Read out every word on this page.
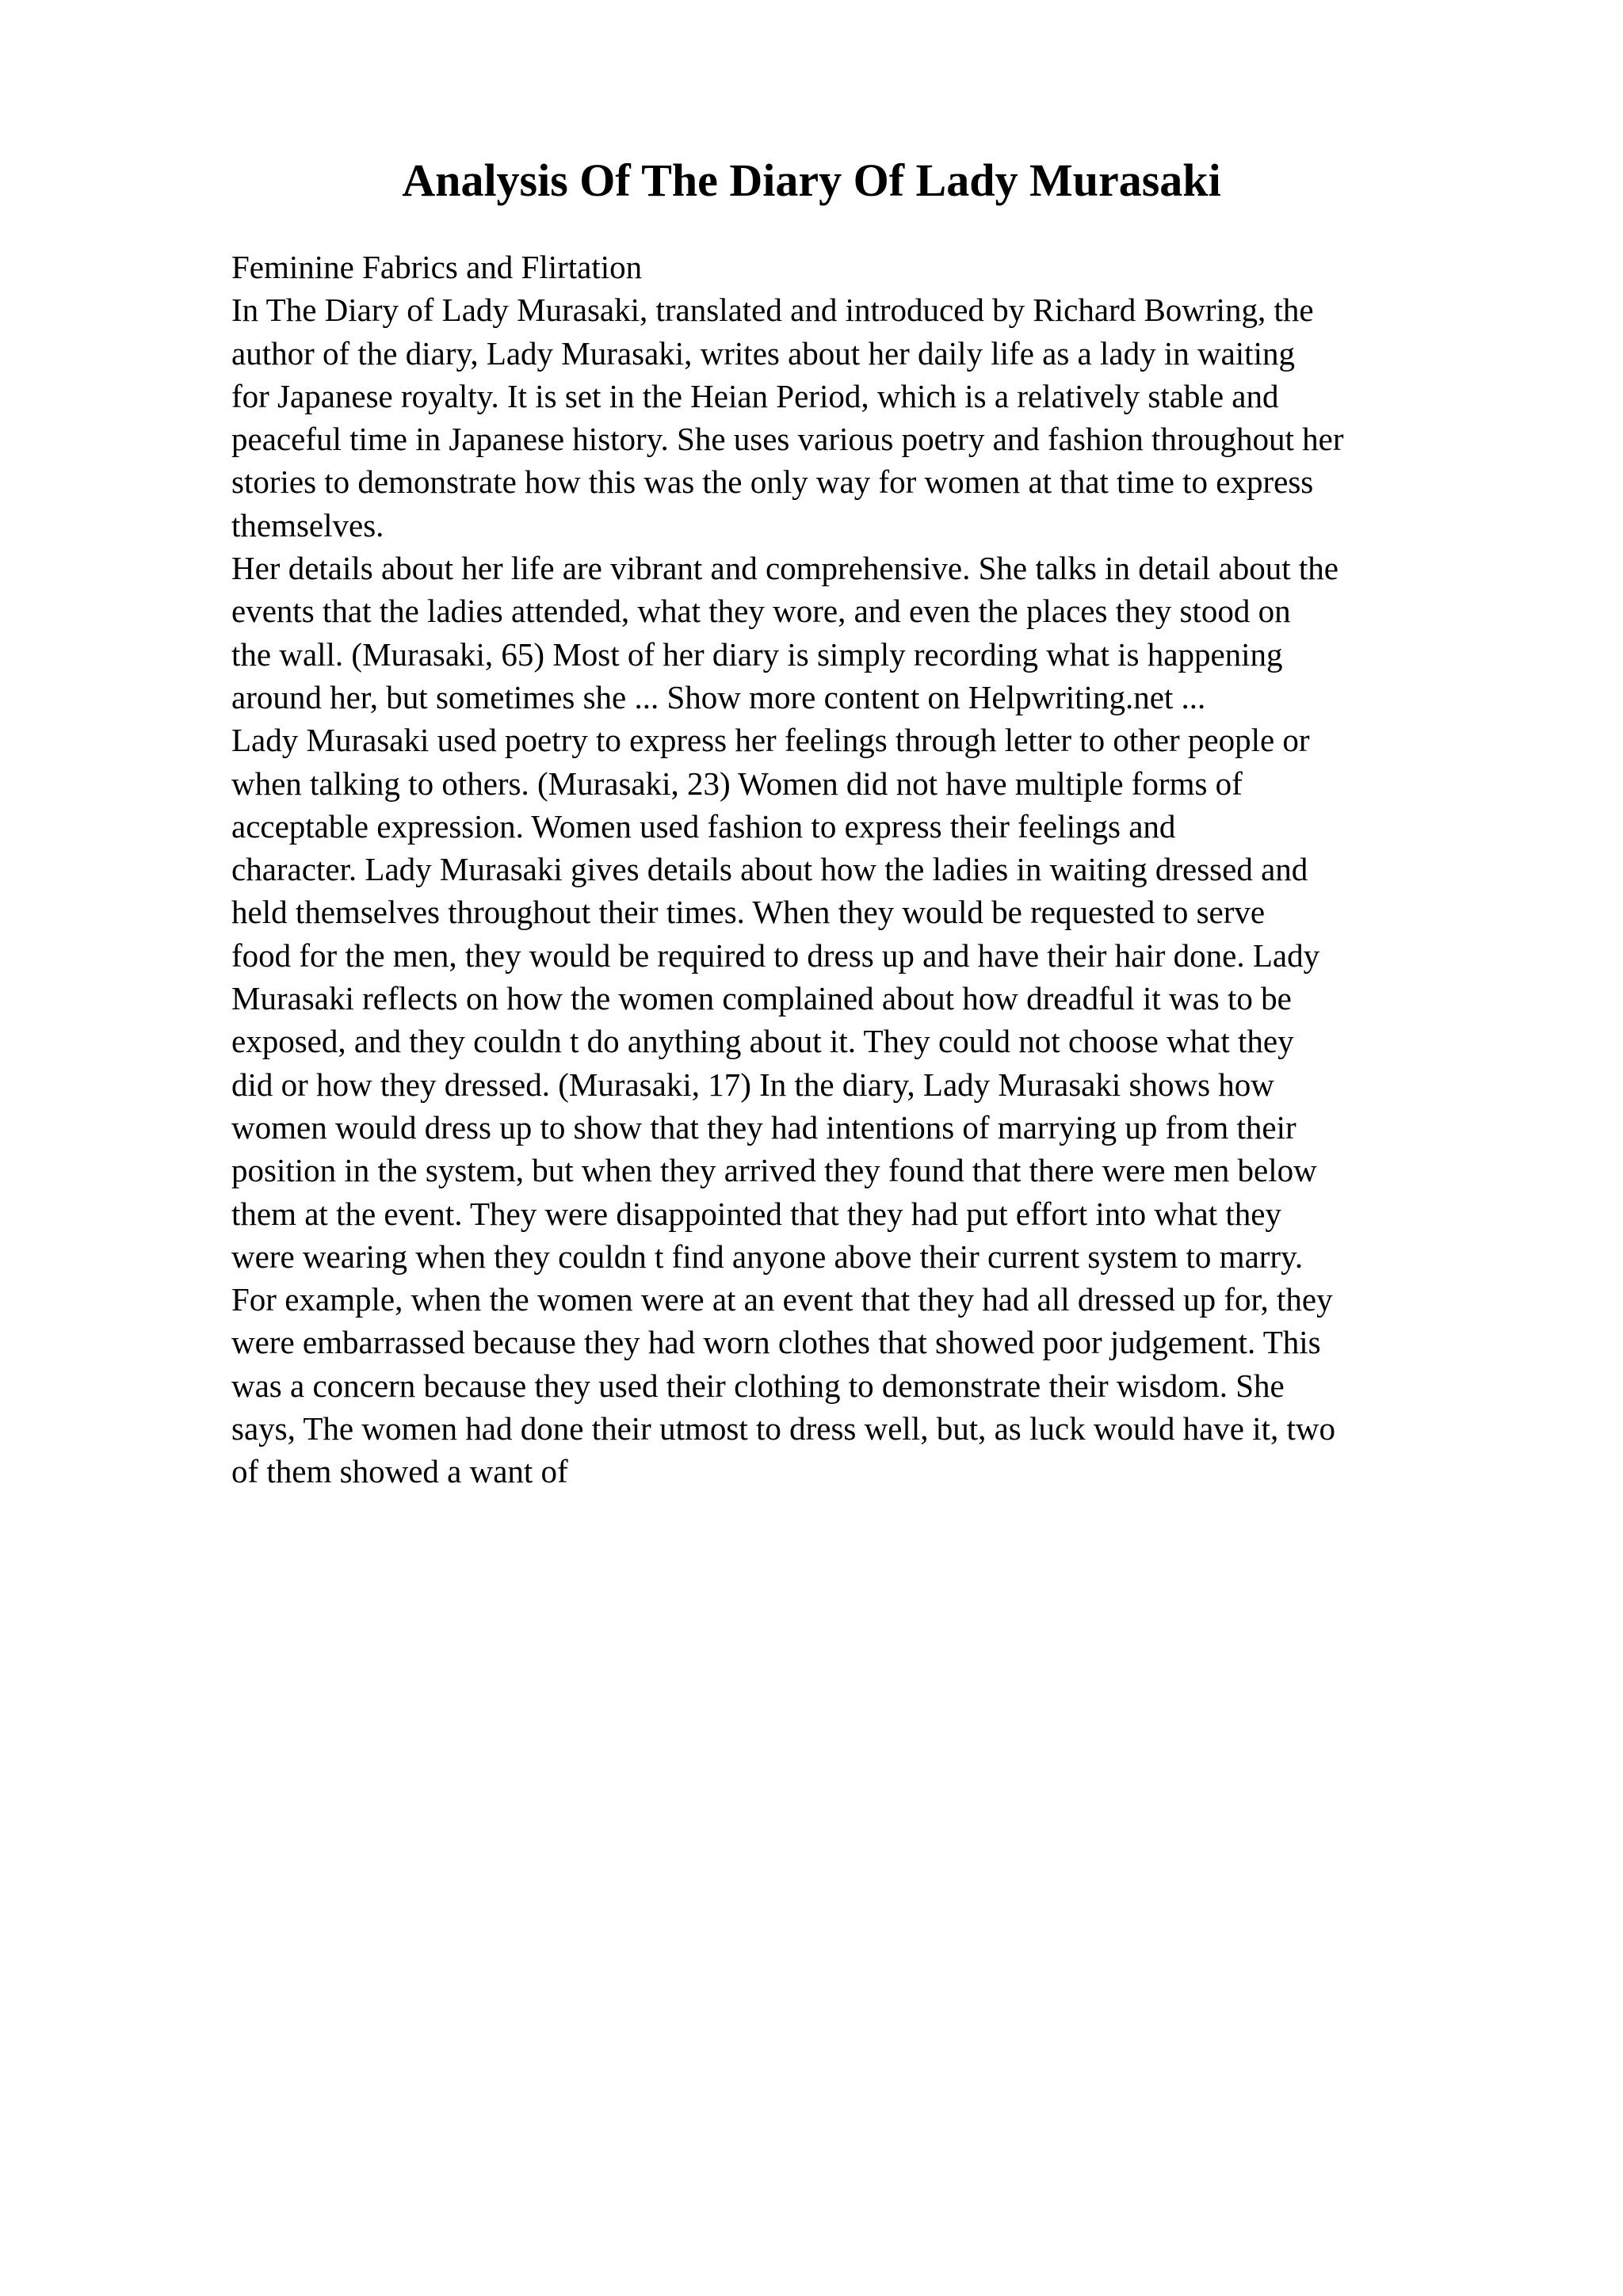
Analysis Of The Diary Of Lady Murasaki
Feminine Fabrics and Flirtation
In The Diary of Lady Murasaki, translated and introduced by Richard Bowring, the
author of the diary, Lady Murasaki, writes about her daily life as a lady in waiting
for Japanese royalty. It is set in the Heian Period, which is a relatively stable and
peaceful time in Japanese history. She uses various poetry and fashion throughout her
stories to demonstrate how this was the only way for women at that time to express
themselves.
Her details about her life are vibrant and comprehensive. She talks in detail about the
events that the ladies attended, what they wore, and even the places they stood on
the wall. (Murasaki, 65) Most of her diary is simply recording what is happening
around her, but sometimes she ... Show more content on Helpwriting.net ...
Lady Murasaki used poetry to express her feelings through letter to other people or
when talking to others. (Murasaki, 23) Women did not have multiple forms of
acceptable expression. Women used fashion to express their feelings and
character. Lady Murasaki gives details about how the ladies in waiting dressed and
held themselves throughout their times. When they would be requested to serve
food for the men, they would be required to dress up and have their hair done. Lady
Murasaki reflects on how the women complained about how dreadful it was to be
exposed, and they couldn t do anything about it. They could not choose what they
did or how they dressed. (Murasaki, 17) In the diary, Lady Murasaki shows how
women would dress up to show that they had intentions of marrying up from their
position in the system, but when they arrived they found that there were men below
them at the event. They were disappointed that they had put effort into what they
were wearing when they couldn t find anyone above their current system to marry.
For example, when the women were at an event that they had all dressed up for, they
were embarrassed because they had worn clothes that showed poor judgement. This
was a concern because they used their clothing to demonstrate their wisdom. She
says, The women had done their utmost to dress well, but, as luck would have it, two
of them showed a want of
